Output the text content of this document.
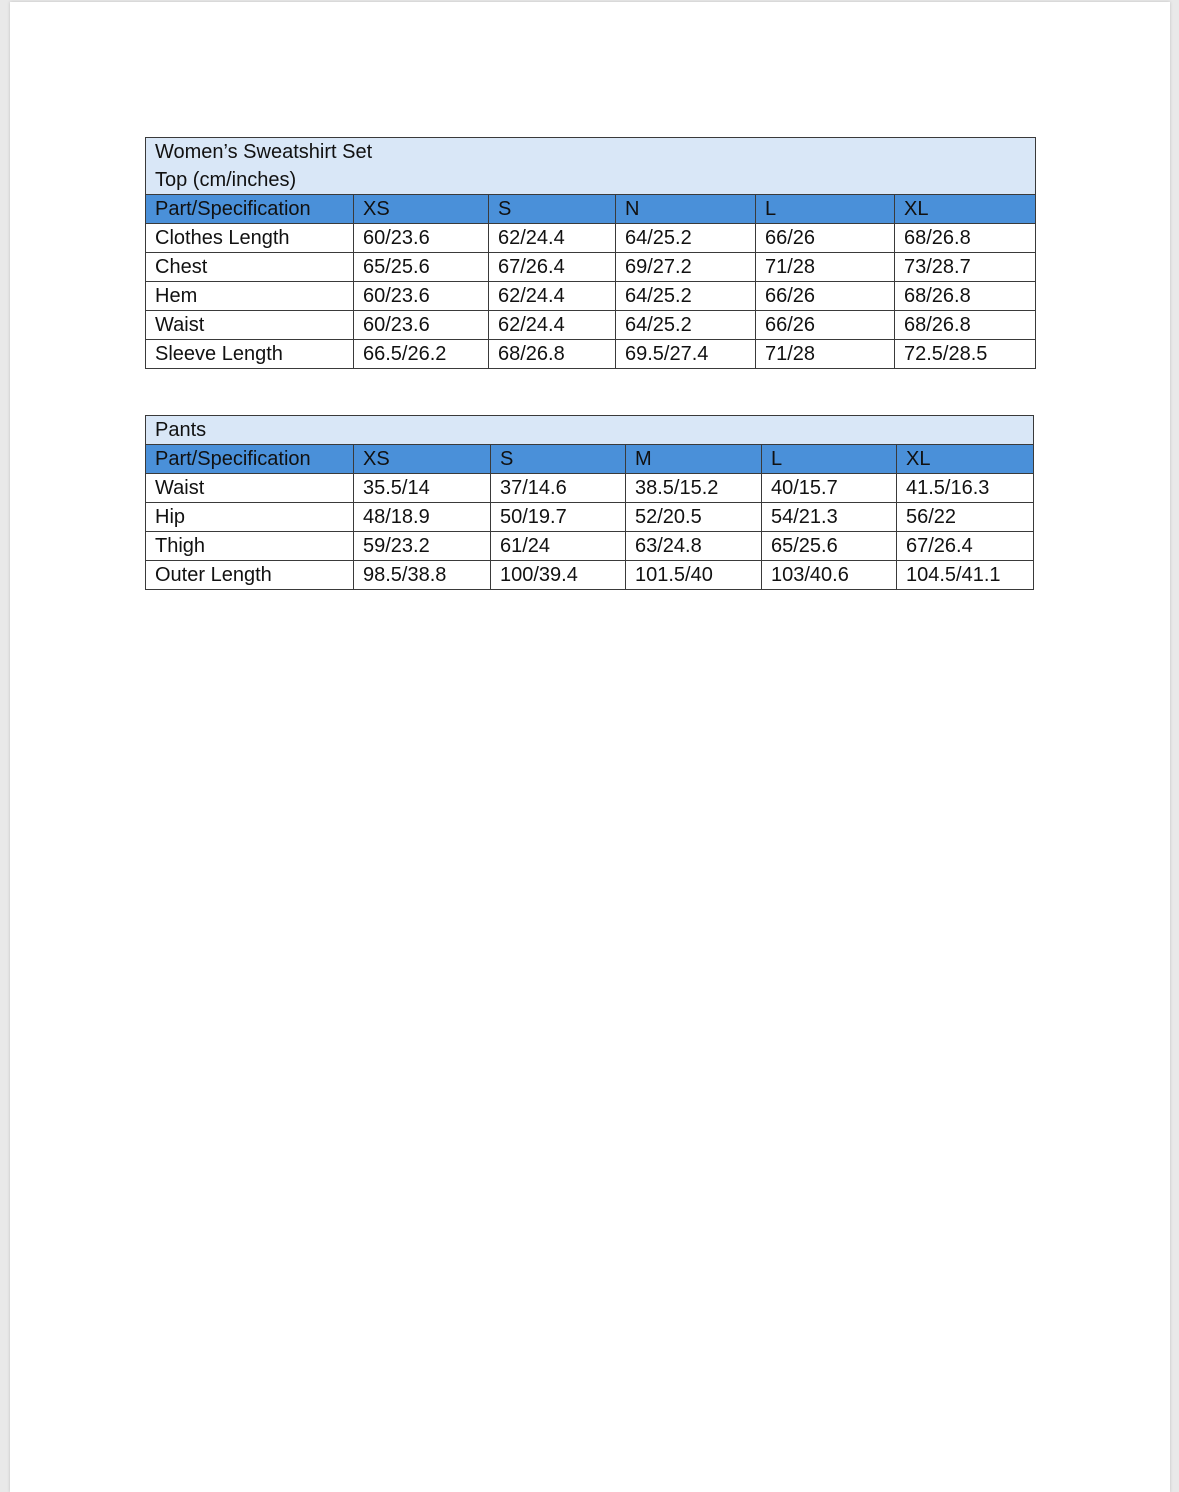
Women’s Sweatshirt Set
Top (cm/inches)					

Part/Specification	XS	S	N	L	XL
Clothes Length	60/23.6	62/24.4	64/25.2	66/26	68/26.8
Chest	65/25.6	67/26.4	69/27.2	71/28	73/28.7
Hem	60/23.6	62/24.4	64/25.2	66/26	68/26.8
Waist	60/23.6	62/24.4	64/25.2	66/26	68/26.8
Sleeve Length	66.5/26.2	68/26.8	69.5/27.4	71/28	72.5/28.5
Pants					
Part/Specification	XS	S	M	L	XL
Waist	35.5/14	37/14.6	38.5/15.2	40/15.7	41.5/16.3
Hip	48/18.9	50/19.7	52/20.5	54/21.3	56/22
Thigh	59/23.2	61/24	63/24.8	65/25.6	67/26.4
Outer Length	98.5/38.8	100/39.4	101.5/40	103/40.6	104.5/41.1
